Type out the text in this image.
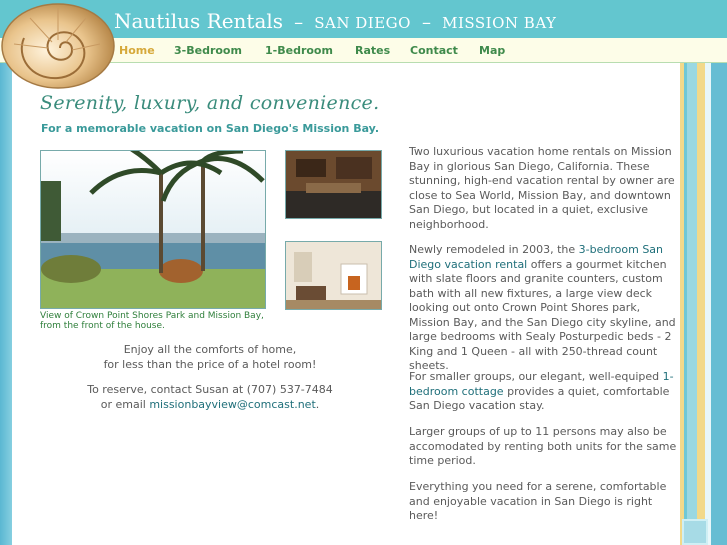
Nautilus Rentals – SAN DIEGO – MISSION BAY
Home 3-Bedroom 1-Bedroom Rates Contact Map
Serenity, luxury, and convenience.
For a memorable vacation on San Diego's Mission Bay.
View of Crown Point Shores Park and Mission Bay, from the front of the house.
Enjoy all the comforts of home,
for less than the price of a hotel room!
To reserve, contact Susan at (707) 537-7484
or email missionbayview@comcast.net.
Two luxurious vacation home rentals on Mission Bay in glorious San Diego, California. These stunning, high-end vacation rental by owner are close to Sea World, Mission Bay, and downtown San Diego, but located in a quiet, exclusive neighborhood.
Newly remodeled in 2003, the 3-bedroom San Diego vacation rental offers a gourmet kitchen with slate floors and granite counters, custom bath with all new fixtures, a large view deck looking out onto Crown Point Shores park, Mission Bay, and the San Diego city skyline, and large bedrooms with Sealy Posturpedic beds - 2 King and 1 Queen - all with 250-thread count sheets.
For smaller groups, our elegant, well-equiped 1-bedroom cottage provides a quiet, comfortable San Diego vacation stay.
Larger groups of up to 11 persons may also be accomodated by renting both units for the same time period.
Everything you need for a serene, comfortable and enjoyable vacation in San Diego is right here!
